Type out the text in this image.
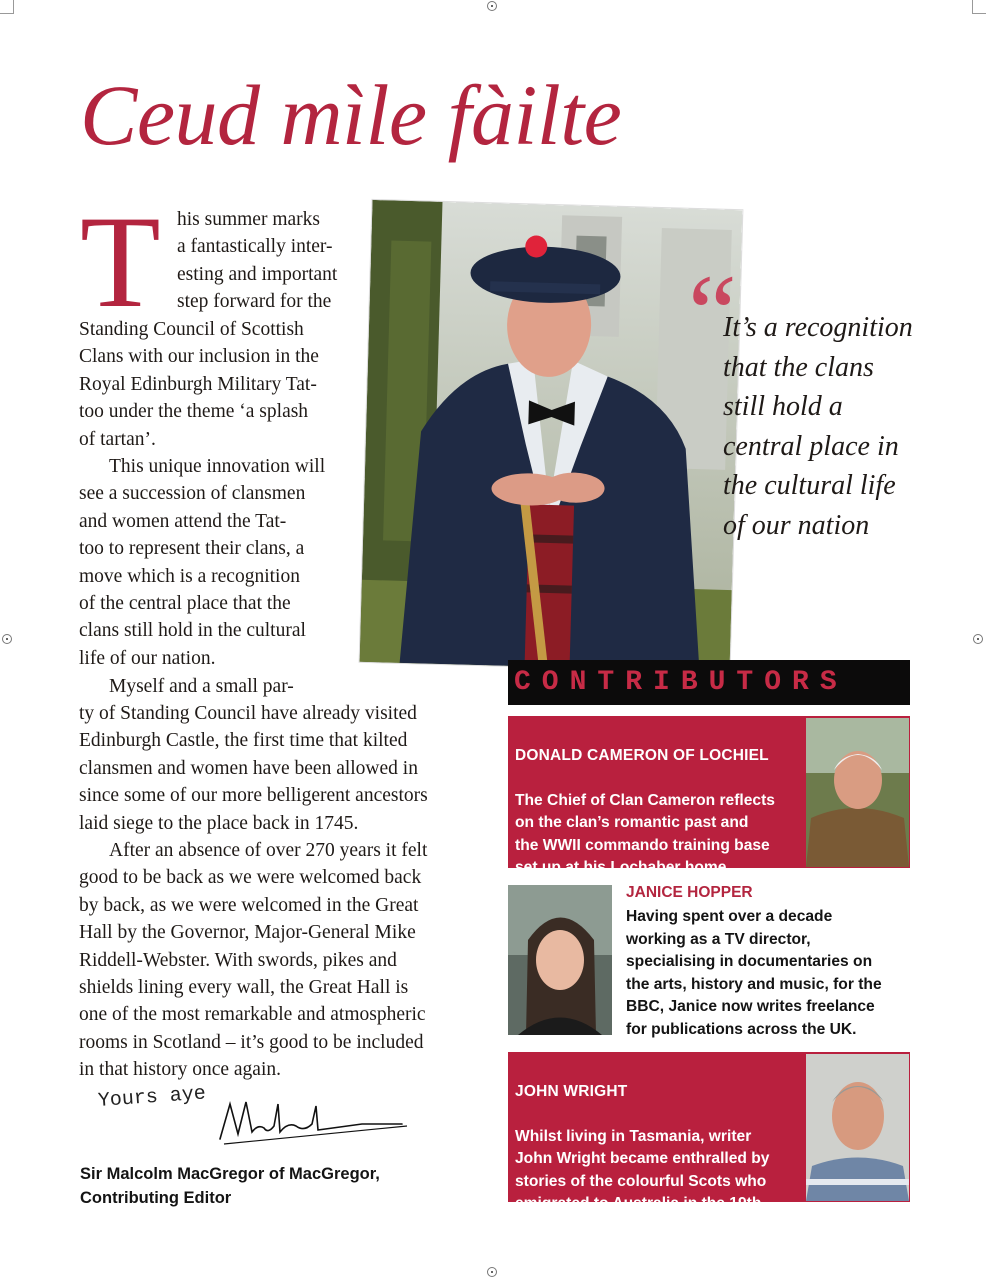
Ceud mìle fàilte
T his summer marks
a fantastically inter-
esting and important
step forward for the
Standing Council of Scottish
Clans with our inclusion in the
Royal Edinburgh Military Tat-
too under the theme ‘a splash
of tartan’.
This unique innovation will
see a succession of clansmen
and women attend the Tat-
too to represent their clans, a
move which is a recognition
of the central place that the
clans still hold in the cultural
life of our nation.
Myself and a small par-
ty of Standing Council have already visited
Edinburgh Castle, the first time that kilted
clansmen and women have been allowed in
since some of our more belligerent ancestors
laid siege to the place back in 1745.
After an absence of over 270 years it felt
good to be back as we were welcomed back
by back, as we were welcomed in the Great
Hall by the Governor, Major-General Mike
Riddell-Webster. With swords, pikes and
shields lining every wall, the Great Hall is
one of the most remarkable and atmospheric
rooms in Scotland – it’s good to be included
in that history once again.
“
It’s a recognition
that the clans
still hold a
central place in
the cultural life
of our nation
CONTRIBUTORS

DONALD CAMERON OF LOCHIEL

The Chief of Clan Cameron reflects
on the clan’s romantic past and
the WWII commando training base
set up at his Lochaber home,

JANICE HOPPER
Having spent over a decade
working as a TV director,
specialising in documentaries on
the arts, history and music, for the
BBC, Janice now writes freelance
for publications across the UK.

JOHN WRIGHT

Whilst living in Tasmania, writer
John Wright became enthralled by
stories of the colourful Scots who
emigrated to Australia in the 19th
century.

Yours aye
Sir Malcolm MacGregor of MacGregor,
Contributing Editor
